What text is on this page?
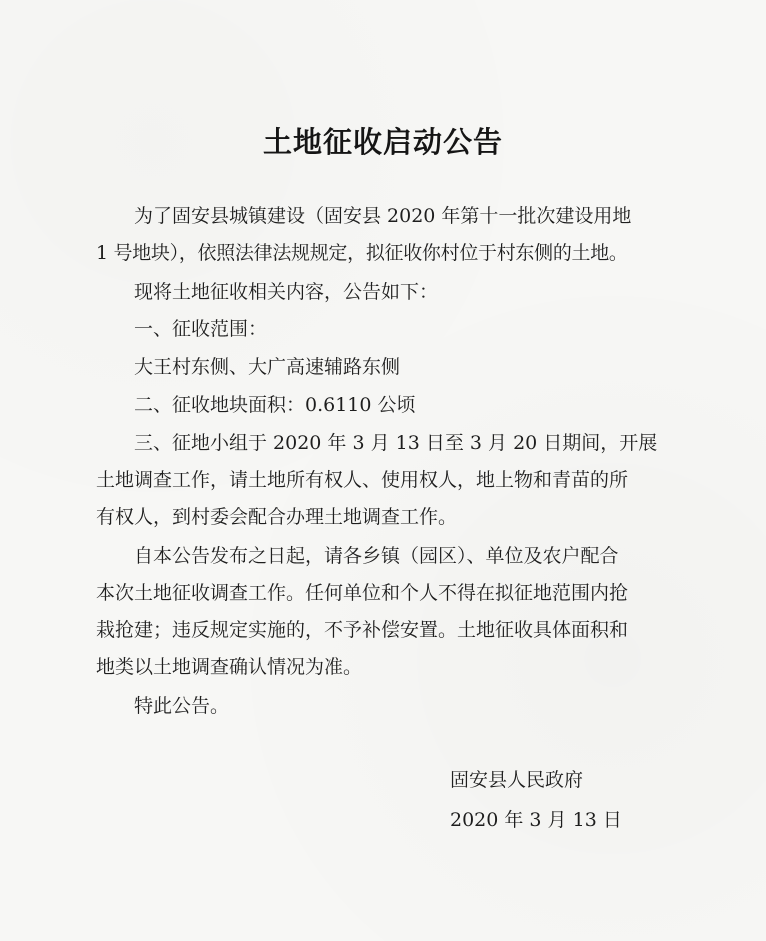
土地征收启动公告
为了固安县城镇建设（固安县 2020 年第十一批次建设用地
1 号地块），依照法律法规规定，拟征收你村位于村东侧的土地。
现将土地征收相关内容，公告如下：
一、征收范围：
大王村东侧、大广高速辅路东侧
二、征收地块面积：0.6110 公顷
三、征地小组于 2020 年 3 月 13 日至 3 月 20 日期间，开展
土地调查工作，请土地所有权人、使用权人，地上物和青苗的所
有权人，到村委会配合办理土地调查工作。
自本公告发布之日起，请各乡镇（园区）、单位及农户配合
本次土地征收调查工作。任何单位和个人不得在拟征地范围内抢
栽抢建；违反规定实施的，不予补偿安置。土地征收具体面积和
地类以土地调查确认情况为准。
特此公告。
固安县人民政府
2020 年 3 月 13 日
